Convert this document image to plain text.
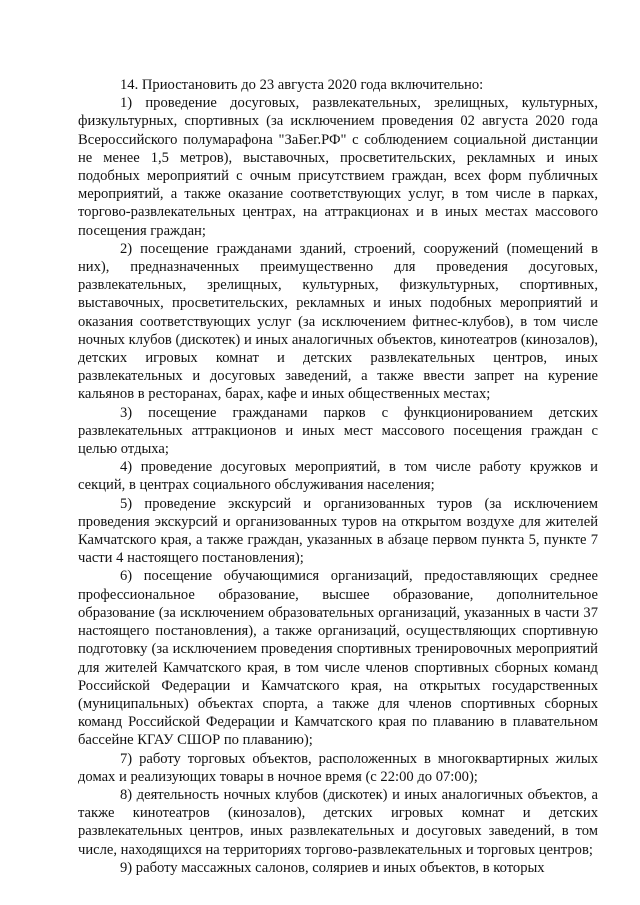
14. Приостановить до 23 августа 2020 года включительно:

1) проведение досуговых, развлекательных, зрелищных, культурных, физкультурных, спортивных (за исключением проведения 02 августа 2020 года Всероссийского полумарафона "ЗаБег.РФ" с соблюдением социальной дистанции не менее 1,5 метров), выставочных, просветительских, рекламных и иных подобных мероприятий с очным присутствием граждан, всех форм публичных мероприятий, а также оказание соответствующих услуг, в том числе в парках, торгово-развлекательных центрах, на аттракционах и в иных местах массового посещения граждан;

2) посещение гражданами зданий, строений, сооружений (помещений в них), предназначенных преимущественно для проведения досуговых, развлекательных, зрелищных, культурных, физкультурных, спортивных, выставочных, просветительских, рекламных и иных подобных мероприятий и оказания соответствующих услуг (за исключением фитнес-клубов), в том числе ночных клубов (дискотек) и иных аналогичных объектов, кинотеатров (кинозалов), детских игровых комнат и детских развлекательных центров, иных развлекательных и досуговых заведений, а также ввести запрет на курение кальянов в ресторанах, барах, кафе и иных общественных местах;

3) посещение гражданами парков с функционированием детских развлекательных аттракционов и иных мест массового посещения граждан с целью отдыха;

4) проведение досуговых мероприятий, в том числе работу кружков и секций, в центрах социального обслуживания населения;

5) проведение экскурсий и организованных туров (за исключением проведения экскурсий и организованных туров на открытом воздухе для жителей Камчатского края, а также граждан, указанных в абзаце первом пункта 5, пункте 7 части 4 настоящего постановления);

6) посещение обучающимися организаций, предоставляющих среднее профессиональное образование, высшее образование, дополнительное образование (за исключением образовательных организаций, указанных в части 37 настоящего постановления), а также организаций, осуществляющих спортивную подготовку (за исключением проведения спортивных тренировочных мероприятий для жителей Камчатского края, в том числе членов спортивных сборных команд Российской Федерации и Камчатского края, на открытых государственных (муниципальных) объектах спорта, а также для членов спортивных сборных команд Российской Федерации и Камчатского края по плаванию в плавательном бассейне КГАУ СШОР по плаванию);

7) работу торговых объектов, расположенных в многоквартирных жилых домах и реализующих товары в ночное время (с 22:00 до 07:00);

8) деятельность ночных клубов (дискотек) и иных аналогичных объектов, а также кинотеатров (кинозалов), детских игровых комнат и детских развлекательных центров, иных развлекательных и досуговых заведений, в том числе, находящихся на территориях торгово-развлекательных и торговых центров;

9) работу массажных салонов, соляриев и иных объектов, в которых
